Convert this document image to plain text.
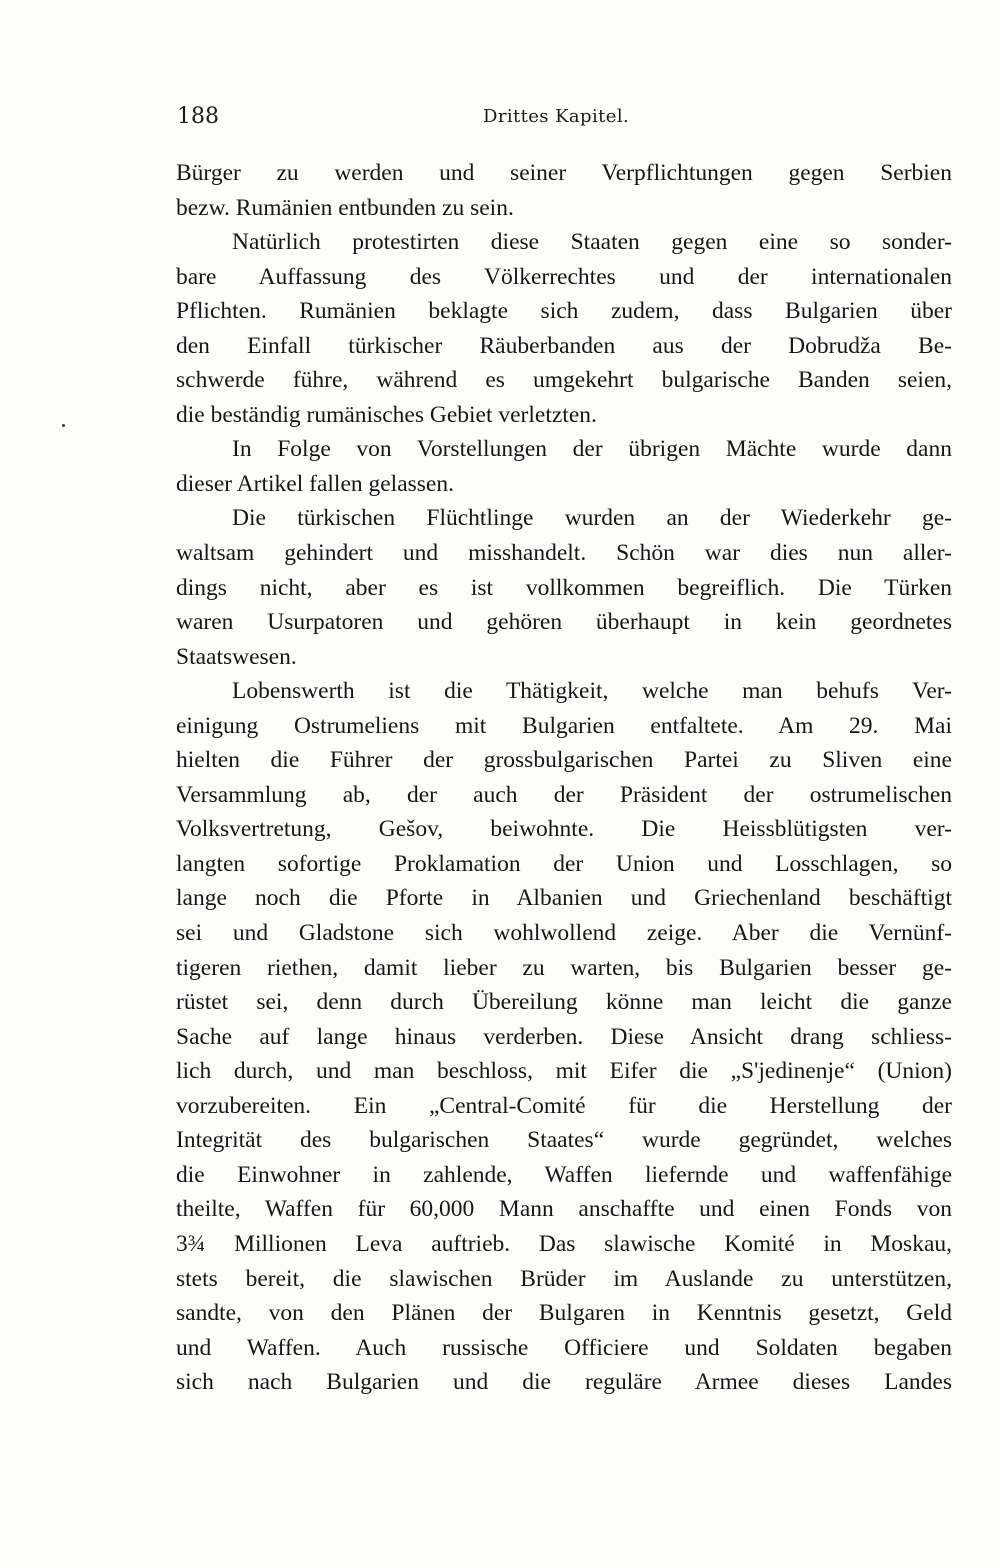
188	Drittes Kapitel.
Bürger zu werden und seiner Verpflichtungen gegen Serbien
bezw. Rumänien entbunden zu sein.
Natürlich protestirten diese Staaten gegen eine so sonder-
bare Auffassung des Völkerrechtes und der internationalen
Pflichten. Rumänien beklagte sich zudem, dass Bulgarien über
den Einfall türkischer Räuberbanden aus der Dobrudža Be-
schwerde führe, während es umgekehrt bulgarische Banden seien,
die beständig rumänisches Gebiet verletzten.
In Folge von Vorstellungen der übrigen Mächte wurde dann
dieser Artikel fallen gelassen.
Die türkischen Flüchtlinge wurden an der Wiederkehr ge-
waltsam gehindert und misshandelt. Schön war dies nun aller-
dings nicht, aber es ist vollkommen begreiflich. Die Türken
waren Usurpatoren und gehören überhaupt in kein geordnetes
Staatswesen.
Lobenswerth ist die Thätigkeit, welche man behufs Ver-
einigung Ostrumeliens mit Bulgarien entfaltete. Am 29. Mai
hielten die Führer der grossbulgarischen Partei zu Sliven eine
Versammlung ab, der auch der Präsident der ostrumelischen
Volksvertretung, Gešov, beiwohnte. Die Heissblütigsten ver-
langten sofortige Proklamation der Union und Losschlagen, so
lange noch die Pforte in Albanien und Griechenland beschäftigt
sei und Gladstone sich wohlwollend zeige. Aber die Vernünf-
tigeren riethen, damit lieber zu warten, bis Bulgarien besser ge-
rüstet sei, denn durch Übereilung könne man leicht die ganze
Sache auf lange hinaus verderben. Diese Ansicht drang schliess-
lich durch, und man beschloss, mit Eifer die „S'jedinenje“ (Union)
vorzubereiten. Ein „Central-Comité für die Herstellung der
Integrität des bulgarischen Staates“ wurde gegründet, welches
die Einwohner in zahlende, Waffen liefernde und waffenfähige
theilte, Waffen für 60,000 Mann anschaffte und einen Fonds von
3¾ Millionen Leva auftrieb. Das slawische Komité in Moskau,
stets bereit, die slawischen Brüder im Auslande zu unterstützen,
sandte, von den Plänen der Bulgaren in Kenntnis gesetzt, Geld
und Waffen. Auch russische Officiere und Soldaten begaben
sich nach Bulgarien und die reguläre Armee dieses Landes
